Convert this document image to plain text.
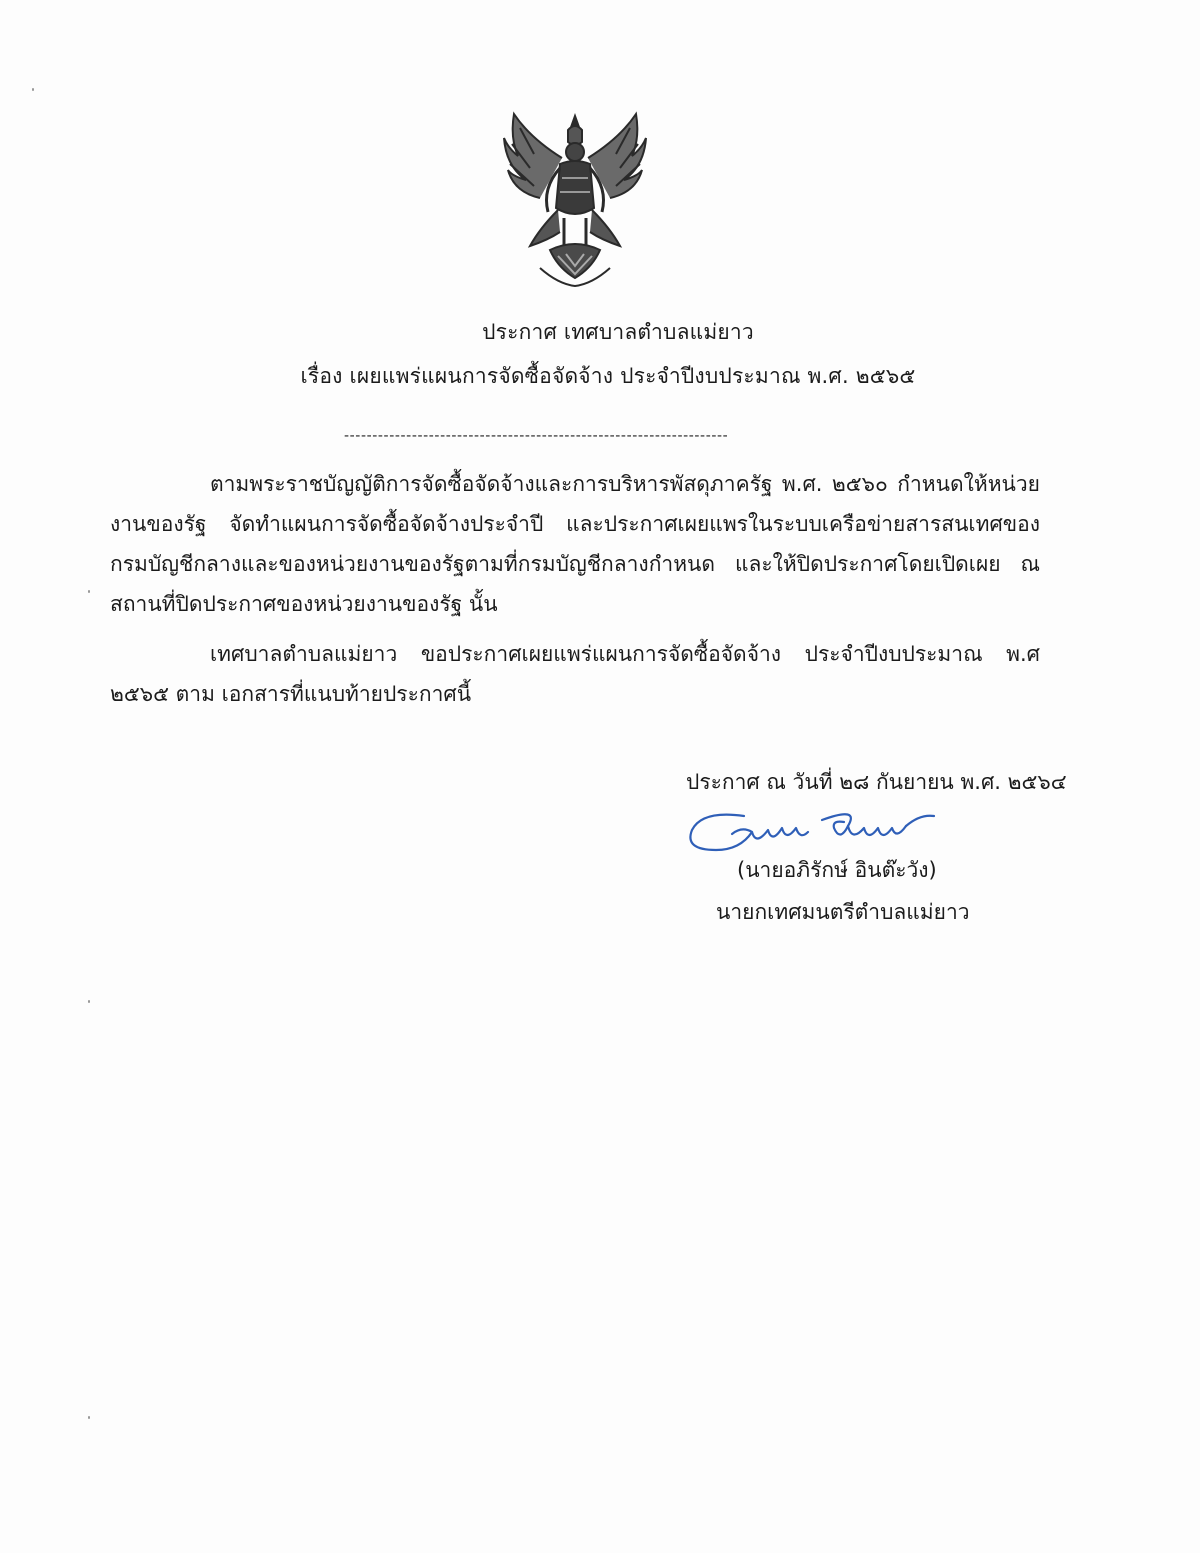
ประกาศ เทศบาลตำบลแม่ยาว
เรื่อง เผยแพร่แผนการจัดซื้อจัดจ้าง ประจำปีงบประมาณ พ.ศ. ๒๕๖๕
--------------------------------------------------------------------
ตามพระราชบัญญัติการจัดซื้อจัดจ้างและการบริหารพัสดุภาครัฐ พ.ศ. ๒๕๖๐ กำหนดให้หน่วยงานของรัฐ จัดทำแผนการจัดซื้อจัดจ้างประจำปี และประกาศเผยแพรในระบบเครือข่ายสารสนเทศของกรมบัญชีกลางและของหน่วยงานของรัฐตามที่กรมบัญชีกลางกำหนด และให้ปิดประกาศโดยเปิดเผย ณ สถานที่ปิดประกาศของหน่วยงานของรัฐ นั้น
เทศบาลตำบลแม่ยาว ขอประกาศเผยแพร่แผนการจัดซื้อจัดจ้าง ประจำปีงบประมาณ พ.ศ ๒๕๖๕ ตาม เอกสารที่แนบท้ายประกาศนี้
ประกาศ ณ วันที่ ๒๘ กันยายน พ.ศ. ๒๕๖๔
(นายอภิรักษ์ อินต๊ะวัง)
นายกเทศมนตรีตำบลแม่ยาว
